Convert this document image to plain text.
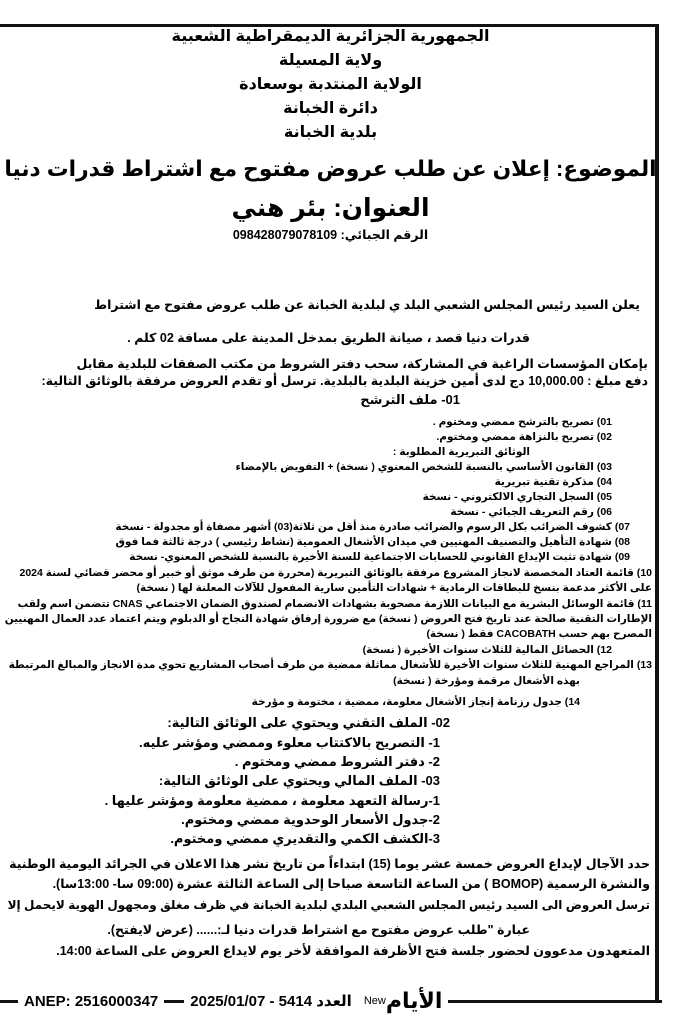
الجمهورية الجزائرية الديمقراطية الشعبية
ولاية المسيلة
الولاية المنتدبة بوسعادة
دائرة الخبانة
بلدية الخبانة
الموضوع: إعلان عن طلب عروض مفتوح مع اشتراط قدرات دنيا
العنوان: بئر هني
الرقم الجبائي: 098428079078109
يعلن السيد رئيس المجلس الشعبي البلد ي لبلدية الخبانة عن طلب عروض مفتوح مع اشتراط
قدرات دنيا قصد ، صيانة الطريق بمدخل المدينة على مسافة 02 كلم .
بإمكان المؤسسات الراغبة في المشاركة، سحب دفتر الشروط من مكتب الصفقات للبلدية مقابل
دفع مبلغ : 10,000.00 دج لدى أمين خزينة البلدية بالبلدية. ترسل أو تقدم العروض مرفقة بالوثائق التالية:
01- ملف الترشح
01) تصريح بالترشح ممضي ومختوم .
02) تصريح بالنزاهة ممضي ومختوم.
الوثائق التبريرية المطلوبة :
03) القانون الأساسي بالنسبة للشخص المعنوي ( نسخة) + التفويض بالإمضاء
04) مذكرة تقنية تبريرية
05) السجل التجاري الالكتروني - نسخة
06) رقم التعريف الجبائي - نسخة
07) كشوف الضرائب بكل الرسوم والضرائب صادرة منذ أقل من ثلاثة(03) أشهر مصفاة أو مجدولة - نسخة
08) شهادة التأهيل والتصنيف المهنيين في ميدان الأشغال العمومية (نشاط رئيسي ) درجة ثالثة فما فوق
09) شهادة تثبت الإيداع القانوني للحسابات الاجتماعية للسنة الأخيرة بالنسبة للشخص المعنوي- نسخة
10) قائمة العتاد المخصصة لانجاز المشروع مرفقة بالوثائق التبريرية (محررة من طرف موثق أو خبير أو محضر قضائي لسنة 2024
على الأكثر مدعمة بنسخ للبطاقات الرمادية + شهادات التأمين سارية المفعول للآلات المعلنة لها ( نسخة)
11) قائمة الوسائل البشرية مع البيانات اللازمة مصحوبة بشهادات الانضمام لصندوق الضمان الاجتماعي CNAS تتضمن اسم ولقب
الإطارات التقنية صالحة عند تاريخ فتح العروض ( نسخة) مع ضرورة إرفاق شهادة النجاح أو الدبلوم ويتم اعتماد عدد العمال المهنيين
المصرح بهم حسب CACOBATH فقط ( نسخة)
12) الحصائل المالية للثلاث سنوات الأخيرة ( نسخة)
13) المراجع المهنية للثلاث سنوات الأخيرة للأشغال مماثلة ممضية من طرف أصحاب المشاريع تحوي مدة الانجاز والمبالغ المرتبطة
بهذه الأشغال مرقمة ومؤرخة ( نسخة)
14) جدول رزنامة إنجاز الأشغال معلومة، ممضية ، مختومة و مؤرخة
02- الملف التقني ويحتوي على الوثائق التالية:
1- التصريح بالاكتتاب معلوء وممضي ومؤشر عليه.
2- دفتر الشروط ممضي ومختوم .
03- الملف المالي ويحتوي على الوثائق التالية:
1-رسالة التعهد معلومة ، ممضية معلومة ومؤشر عليها .
2-جدول الأسعار الوحدوية ممضي ومختوم.
3-الكشف الكمي والتقديري ممضي ومختوم.
حدد الآجال لإيداع العروض خمسة عشر يوما (15) ابتداءاً من تاريخ نشر هذا الاعلان في الجرائد اليومية الوطنية
والنشرة الرسمية (BOMOP ) من الساعة التاسعة صباحا إلى الساعة الثالثة عشرة (09:00 سا- 13:00سا).
ترسل العروض الى السيد رئيس المجلس الشعبي البلدي لبلدية الخبانة في ظرف مغلق ومجهول الهوية لايحمل إلا
عبارة "طلب عروض مفتوح مع اشتراط قدرات دنيا لـ:...... (عرض لايفتح).
المتعهدون مدعوون لحضور جلسة فتح الأظرفة الموافقة لأخر يوم لايداع العروض على الساعة 14:00.
ANEP: 2516000347 2025/01/07 - 5414 العدد New الأيام
